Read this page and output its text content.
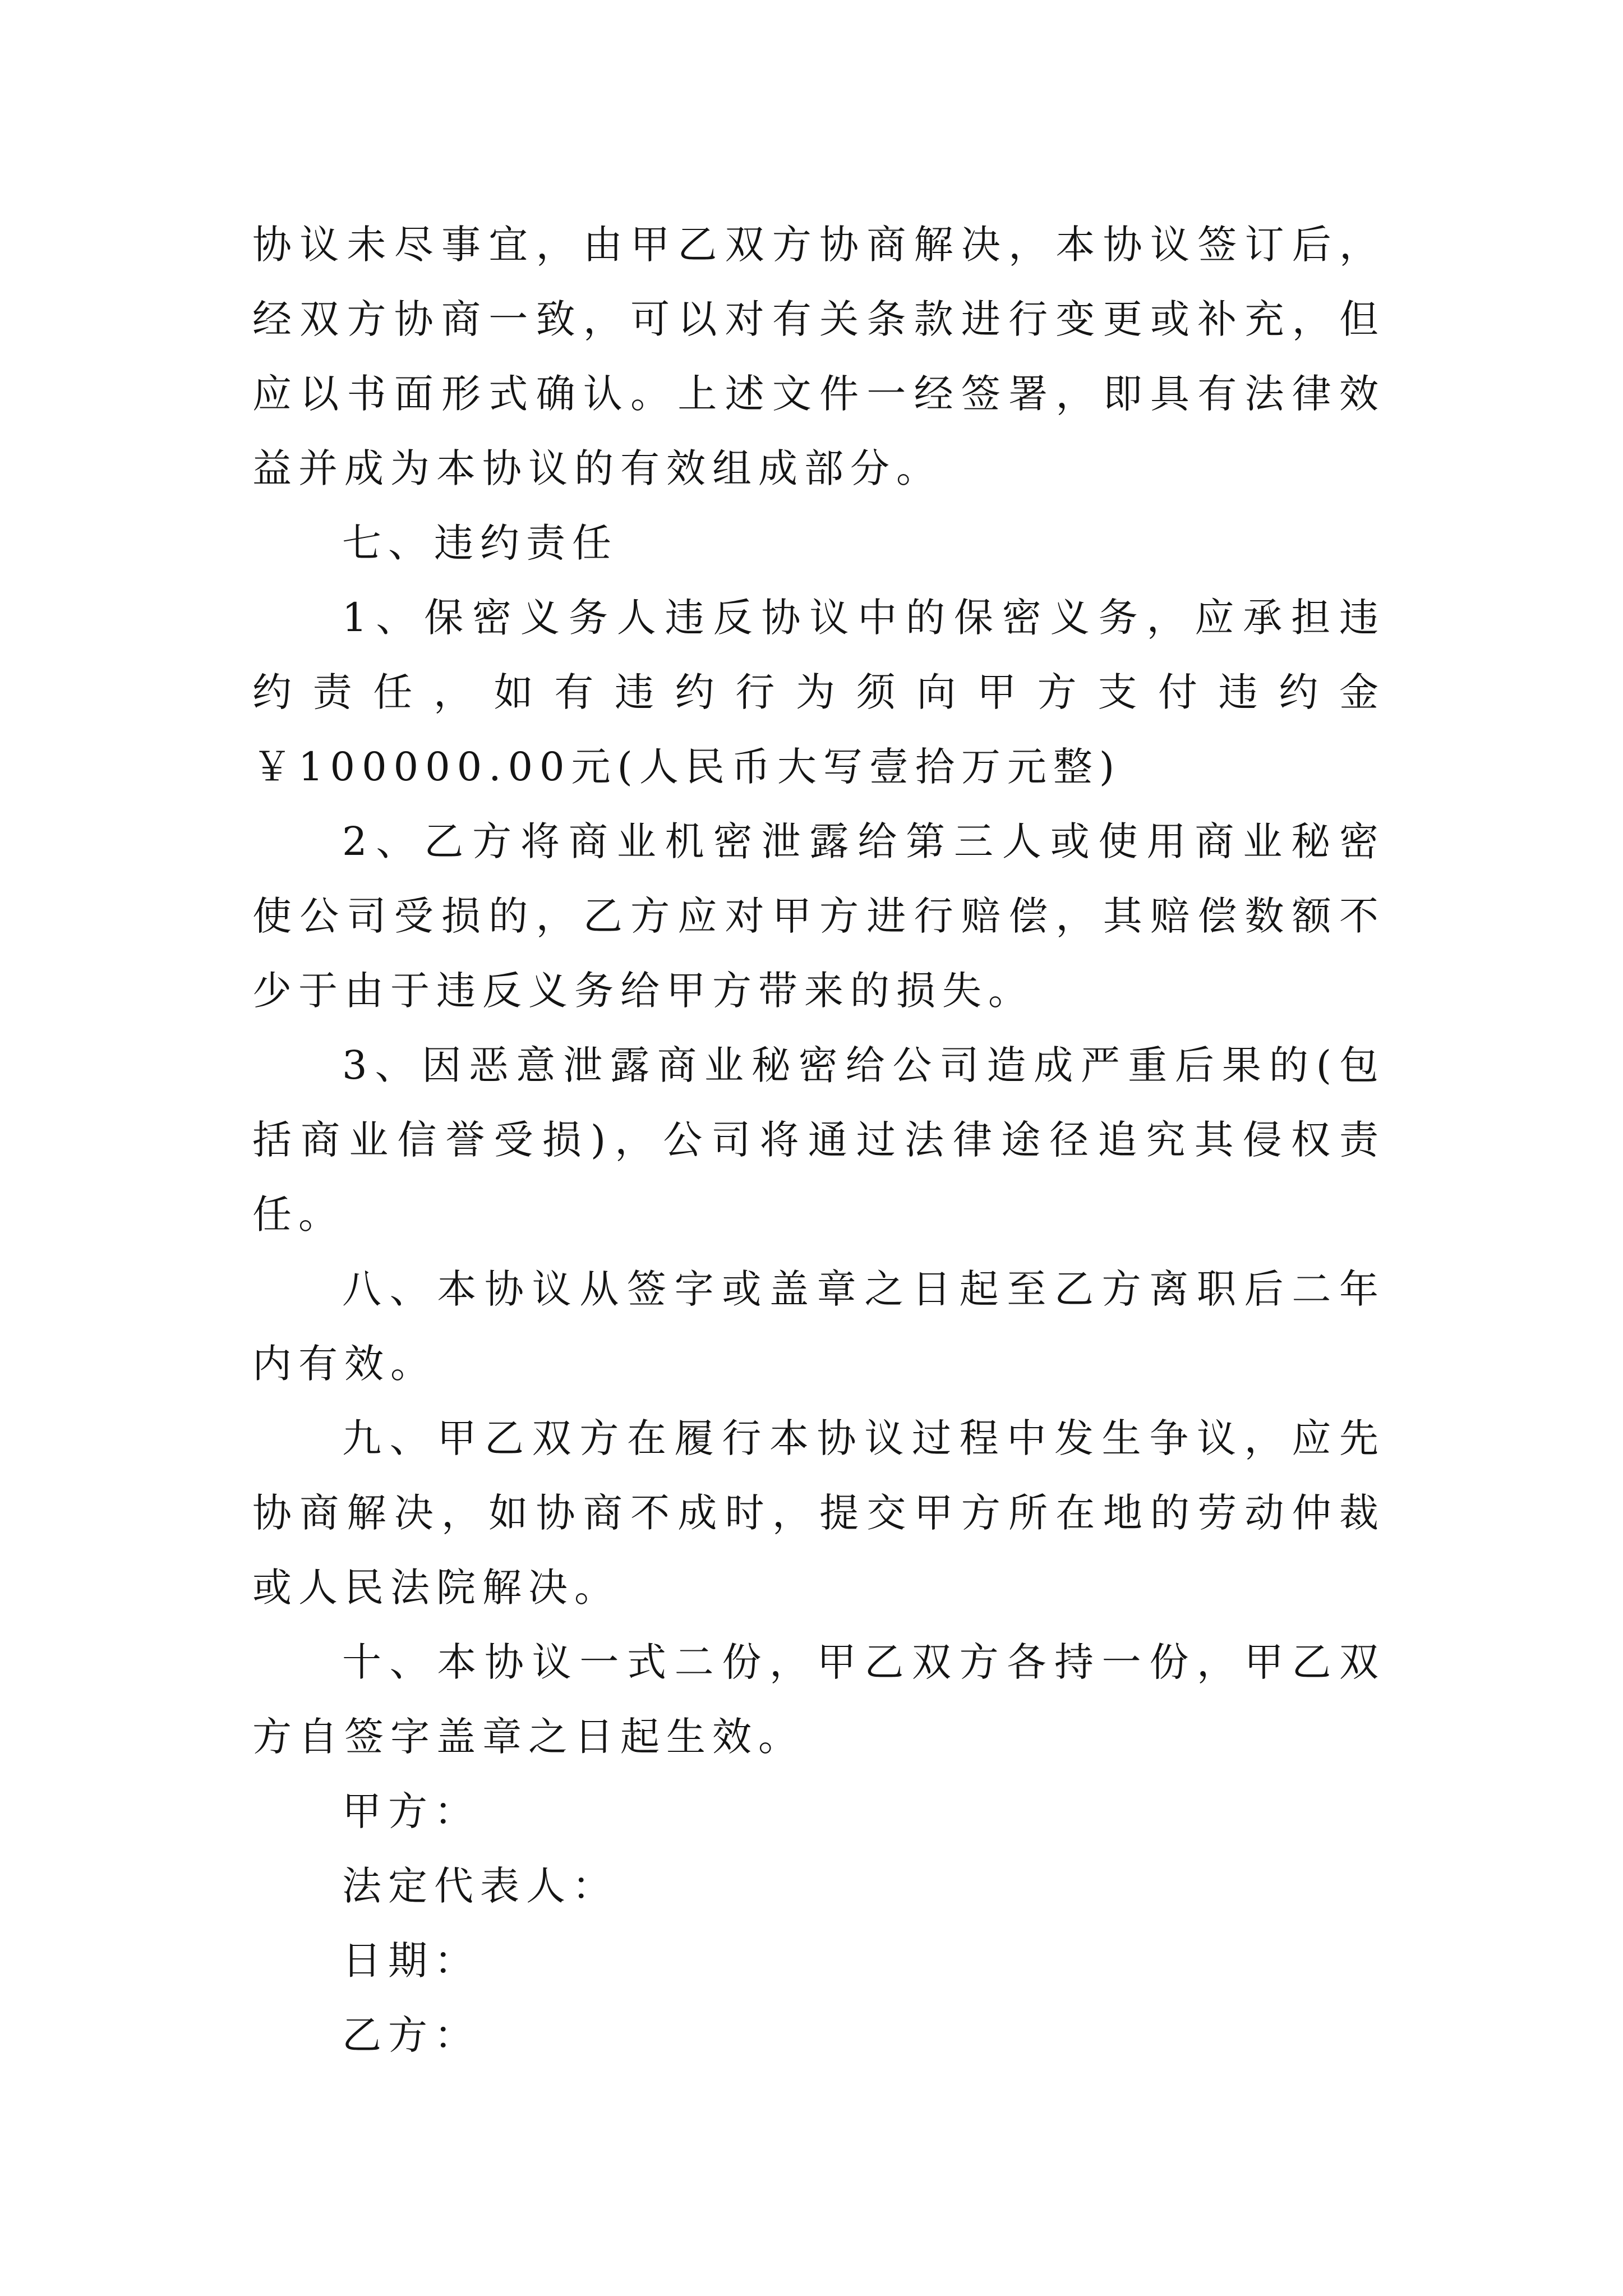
协议未尽事宜，由甲乙双方协商解决，本协议签订后，经双方协商一致，可以对有关条款进行变更或补充，但应以书面形式确认。上述文件一经签署，即具有法律效益并成为本协议的有效组成部分。

七、违约责任

1、保密义务人违反协议中的保密义务，应承担违约责任，如有违约行为须向甲方支付违约金￥100000.00元(人民币大写壹拾万元整)

2、乙方将商业机密泄露给第三人或使用商业秘密使公司受损的，乙方应对甲方进行赔偿，其赔偿数额不少于由于违反义务给甲方带来的损失。

3、因恶意泄露商业秘密给公司造成严重后果的(包括商业信誉受损)，公司将通过法律途径追究其侵权责任。

八、本协议从签字或盖章之日起至乙方离职后二年内有效。

九、甲乙双方在履行本协议过程中发生争议，应先协商解决，如协商不成时，提交甲方所在地的劳动仲裁或人民法院解决。

十、本协议一式二份，甲乙双方各持一份，甲乙双方自签字盖章之日起生效。

甲方：

法定代表人：

日期：

乙方：
